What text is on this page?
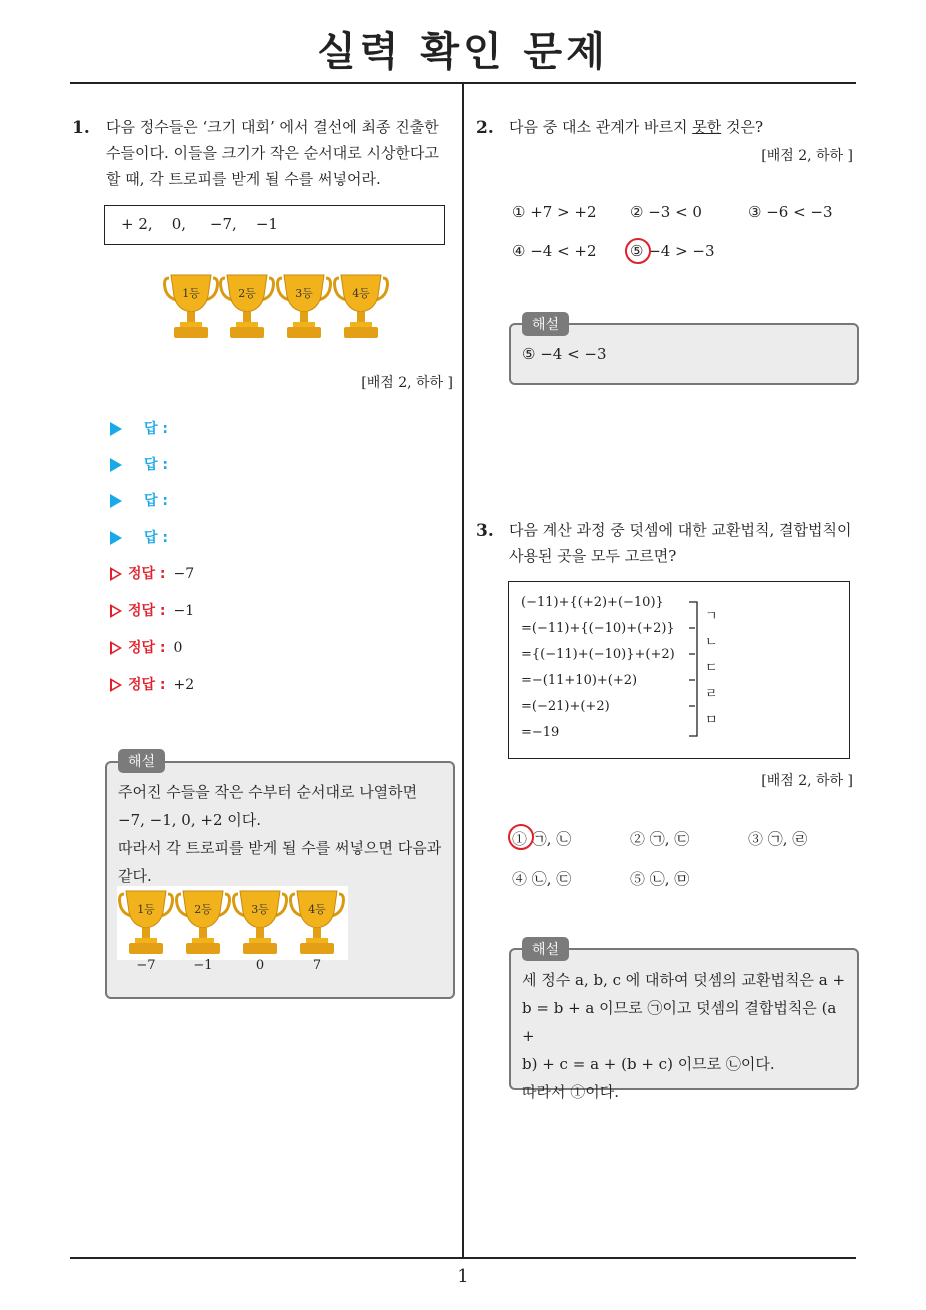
실력 확인 문제
1. 다음 정수들은 ‘크기 대회’ 에서 결선에 최종 진출한
수들이다. 이들을 크기가 작은 순서대로 시상한다고
할 때, 각 트로피를 받게 될 수를 써넣어라.
+ 2,    0,     −7,    −1
1등	2등	3등	4등
[배점 2, 하하 ]
답 :
답 :
답 :
답 :
정답 : −7
정답 : −1
정답 : 0
정답 : +2
해설
주어진 수들을 작은 수부터 순서대로 나열하면
−7, −1, 0, +2 이다.
따라서 각 트로피를 받게 될 수를 써넣으면 다음과
같다.
1등	2등	3등	4등
−7	−1	0	7
2. 다음 중 대소 관계가 바르지 못한 것은?
[배점 2, 하하 ]
① +7 > +2 ② −3 < 0	③ −6 < −3
④ −4 < +2 ⑤ −4 > −3
해설
⑤ −4 < −3
3. 다음 계산 과정 중 덧셈에 대한 교환법칙, 결합법칙이
사용된 곳을 모두 고르면?
(−11)+{(+2)+(−10)}
=(−11)+{(−10)+(+2)}
={(−11)+(−10)}+(+2)
=−(11+10)+(+2)
=(−21)+(+2)
=−19
ㄱ
ㄴ
ㄷ
ㄹ
ㅁ
[배점 2, 하하 ]
① ㉠, ㉡	② ㉠, ㉢	③ ㉠, ㉣
④ ㉡, ㉢	⑤ ㉡, ㉤
해설
세 정수 a, b, c 에 대하여 덧셈의 교환법칙은 a +
b = b + a 이므로 ㉠이고 덧셈의 결합법칙은 (a +
b) + c = a + (b + c) 이므로 ㉡이다.
따라서 ①이다.
1
